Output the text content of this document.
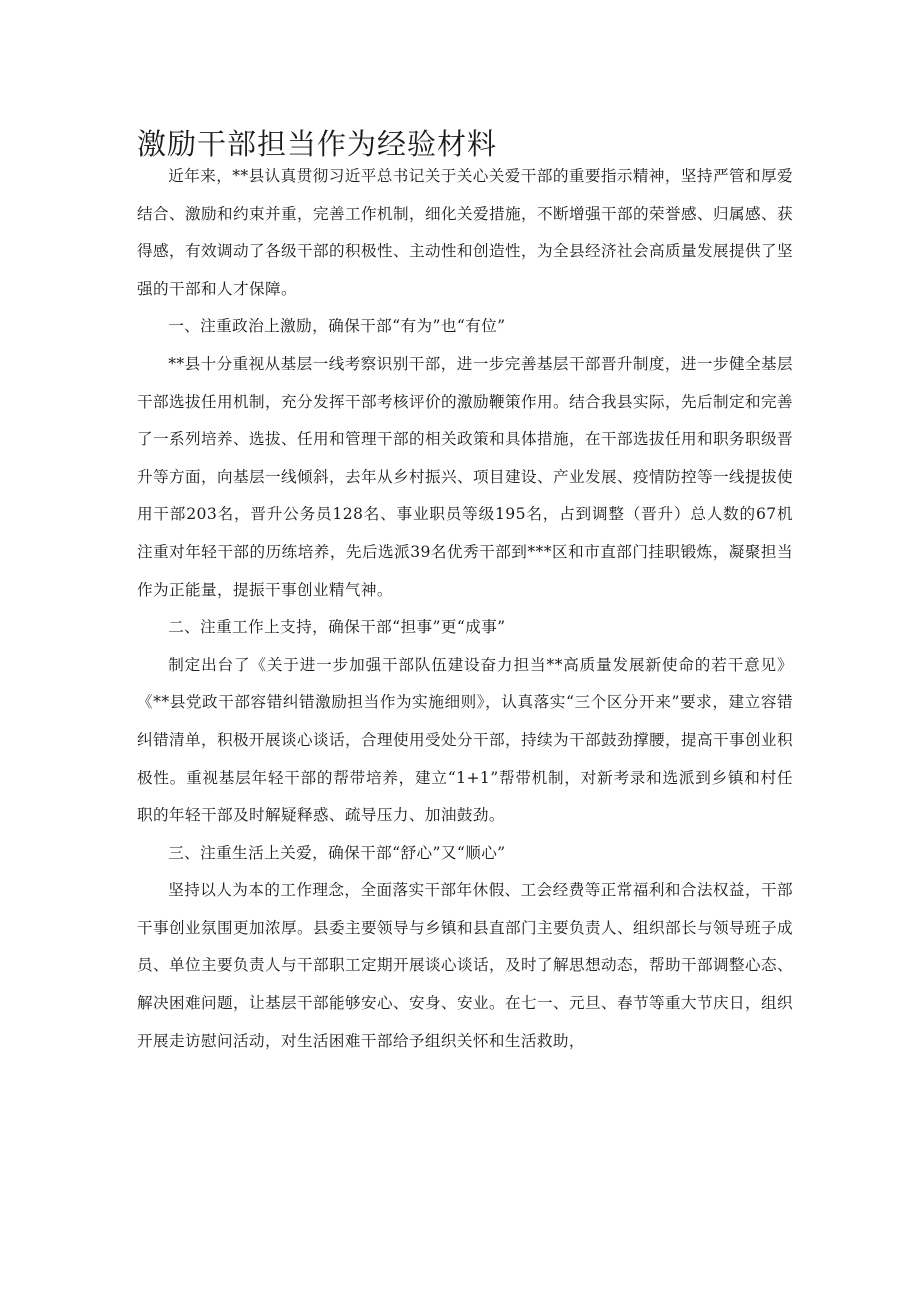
激励干部担当作为经验材料

近年来，**县认真贯彻习近平总书记关于关心关爱干部的重要指示精神，坚持严管和厚爱结合、激励和约束并重，完善工作机制，细化关爱措施，不断增强干部的荣誉感、归属感、获得感，有效调动了各级干部的积极性、主动性和创造性，为全县经济社会高质量发展提供了坚强的干部和人才保障。

一、注重政治上激励，确保干部“有为”也“有位”

**县十分重视从基层一线考察识别干部，进一步完善基层干部晋升制度，进一步健全基层干部选拔任用机制，充分发挥干部考核评价的激励鞭策作用。结合我县实际，先后制定和完善了一系列培养、选拔、任用和管理干部的相关政策和具体措施，在干部选拔任用和职务职级晋升等方面，向基层一线倾斜，去年从乡村振兴、项目建设、产业发展、疫情防控等一线提拔使用干部203名，晋升公务员128名、事业职员等级195名，占到调整（晋升）总人数的67机注重对年轻干部的历练培养，先后选派39名优秀干部到***区和市直部门挂职锻炼，凝聚担当作为正能量，提振干事创业精气神。

二、注重工作上支持，确保干部“担事”更“成事”

制定出台了《关于进一步加强干部队伍建设奋力担当**高质量发展新使命的若干意见》《**县党政干部容错纠错激励担当作为实施细则》，认真落实“三个区分开来”要求，建立容错纠错清单，积极开展谈心谈话，合理使用受处分干部，持续为干部鼓劲撑腰，提高干事创业积极性。重视基层年轻干部的帮带培养，建立“1+1”帮带机制，对新考录和选派到乡镇和村任职的年轻干部及时解疑释惑、疏导压力、加油鼓劲。

三、注重生活上关爱，确保干部“舒心”又“顺心”

坚持以人为本的工作理念，全面落实干部年休假、工会经费等正常福利和合法权益，干部干事创业氛围更加浓厚。县委主要领导与乡镇和县直部门主要负责人、组织部长与领导班子成员、单位主要负责人与干部职工定期开展谈心谈话，及时了解思想动态，帮助干部调整心态、解决困难问题，让基层干部能够安心、安身、安业。在七一、元旦、春节等重大节庆日，组织开展走访慰问活动，对生活困难干部给予组织关怀和生活救助，
